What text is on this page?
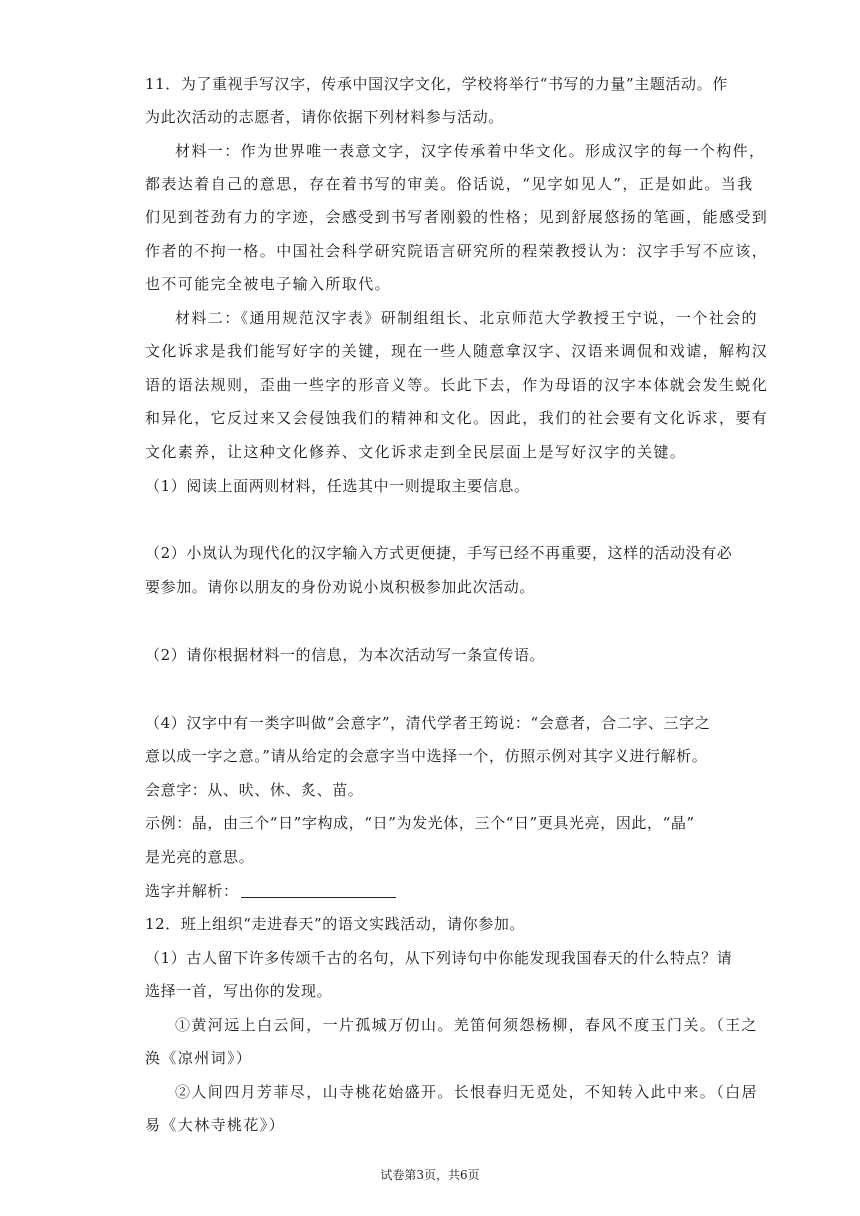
11．为了重视手写汉字，传承中国汉字文化，学校将举行“书写的力量”主题活动。作
为此次活动的志愿者，请你依据下列材料参与活动。
材料一：作为世界唯一表意文字，汉字传承着中华文化。形成汉字的每一个构件，
都表达着自己的意思，存在着书写的审美。俗话说，“见字如见人”，正是如此。当我
们见到苍劲有力的字迹，会感受到书写者刚毅的性格；见到舒展悠扬的笔画，能感受到
作者的不拘一格。中国社会科学研究院语言研究所的程荣教授认为：汉字手写不应该，
也不可能完全被电子输入所取代。
材料二：《通用规范汉字表》研制组组长、北京师范大学教授王宁说，一个社会的
文化诉求是我们能写好字的关键，现在一些人随意拿汉字、汉语来调侃和戏谑，解构汉
语的语法规则，歪曲一些字的形音义等。长此下去，作为母语的汉字本体就会发生蜕化
和异化，它反过来又会侵蚀我们的精神和文化。因此，我们的社会要有文化诉求，要有
文化素养，让这种文化修养、文化诉求走到全民层面上是写好汉字的关键。
（1）阅读上面两则材料，任选其中一则提取主要信息。
（2）小岚认为现代化的汉字输入方式更便捷，手写已经不再重要，这样的活动没有必
要参加。请你以朋友的身份劝说小岚积极参加此次活动。
（2）请你根据材料一的信息，为本次活动写一条宣传语。
（4）汉字中有一类字叫做“会意字”，清代学者王筠说：“会意者，合二字、三字之
意以成一字之意。”请从给定的会意字当中选择一个，仿照示例对其字义进行解析。
会意字：从、吠、休、炙、苗。
示例：晶，由三个“日”字构成，“日”为发光体，三个“日”更具光亮，因此，“晶”
是光亮的意思。
选字并解析：
12．班上组织“走进春天”的语文实践活动，请你参加。
（1）古人留下许多传颂千古的名句，从下列诗句中你能发现我国春天的什么特点？请
选择一首，写出你的发现。
①黄河远上白云间，一片孤城万仞山。羌笛何须怨杨柳，春风不度玉门关。（王之
涣《凉州词》）
②人间四月芳菲尽，山寺桃花始盛开。长恨春归无觅处，不知转入此中来。（白居
易《大林寺桃花》）
试卷第3页，共6页
